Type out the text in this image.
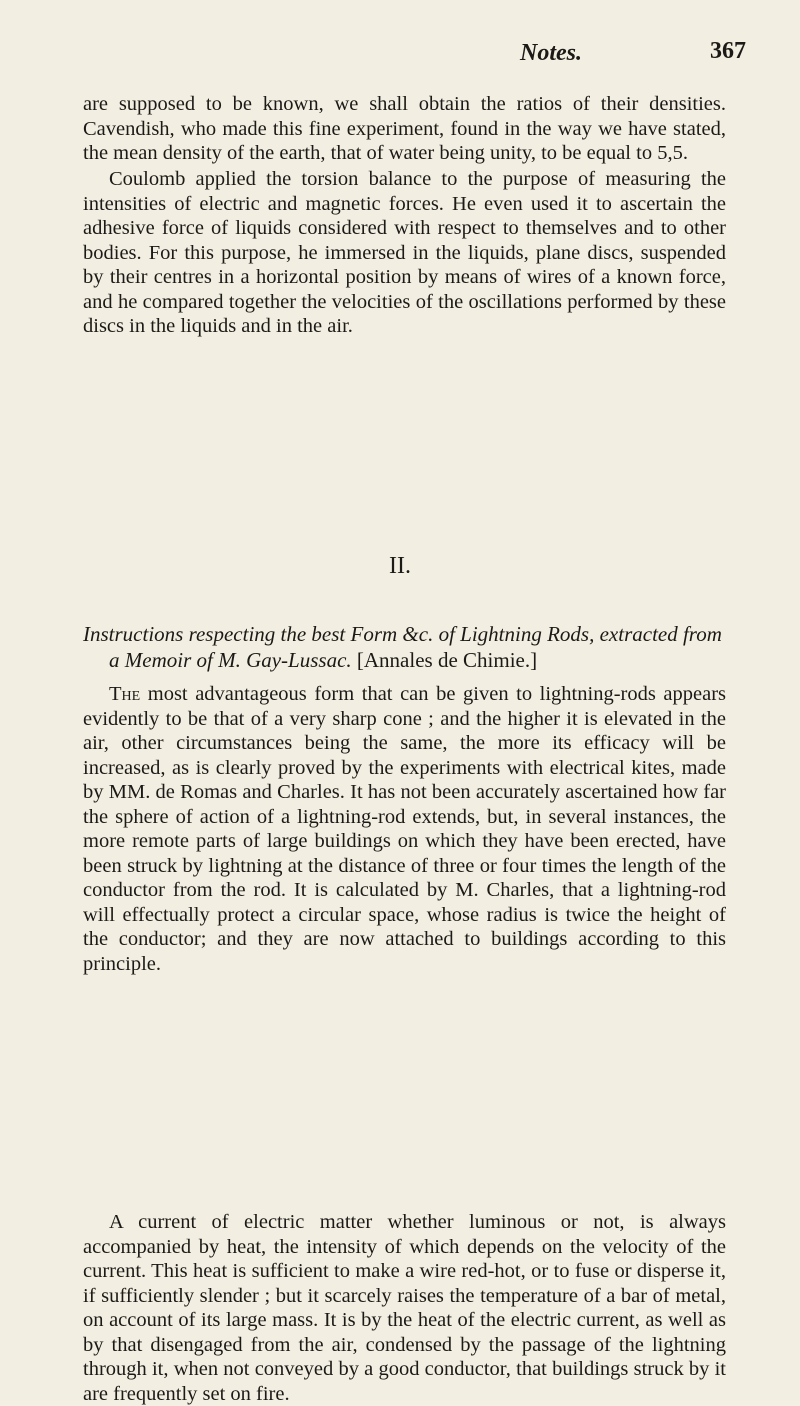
Notes.	367

are supposed to be known, we shall obtain the ratios of their densities. Cavendish, who made this fine experiment, found in the way we have stated, the mean density of the earth, that of water being unity, to be equal to 5,5.

Coulomb applied the torsion balance to the purpose of measuring the intensities of electric and magnetic forces. He even used it to ascertain the adhesive force of liquids considered with respect to themselves and to other bodies. For this purpose, he immersed in the liquids, plane discs, suspended by their centres in a horizontal position by means of wires of a known force, and he compared together the velocities of the oscillations performed by these discs in the liquids and in the air.

II.
Instructions respecting the best Form &c. of Lightning Rods, extracted from a Memoir of M. Gay-Lussac. [Annales de Chimie.]

The most advantageous form that can be given to lightning-rods appears evidently to be that of a very sharp cone ; and the higher it is elevated in the air, other circumstances being the same, the more its efficacy will be increased, as is clearly proved by the experiments with electrical kites, made by MM. de Romas and Charles. It has not been accurately ascertained how far the sphere of action of a lightning-rod extends, but, in several instances, the more remote parts of large buildings on which they have been erected, have been struck by lightning at the distance of three or four times the length of the conductor from the rod. It is calculated by M. Charles, that a lightning-rod will effectually protect a circular space, whose radius is twice the height of the conductor; and they are now attached to buildings according to this principle.

A current of electric matter whether luminous or not, is always accompanied by heat, the intensity of which depends on the velocity of the current. This heat is sufficient to make a wire red-hot, or to fuse or disperse it, if sufficiently slender ; but it scarcely raises the temperature of a bar of metal, on account of its large mass. It is by the heat of the electric current, as well as by that disengaged from the air, condensed by the passage of the lightning through it, when not conveyed by a good conductor, that buildings struck by it are frequently set on fire.
